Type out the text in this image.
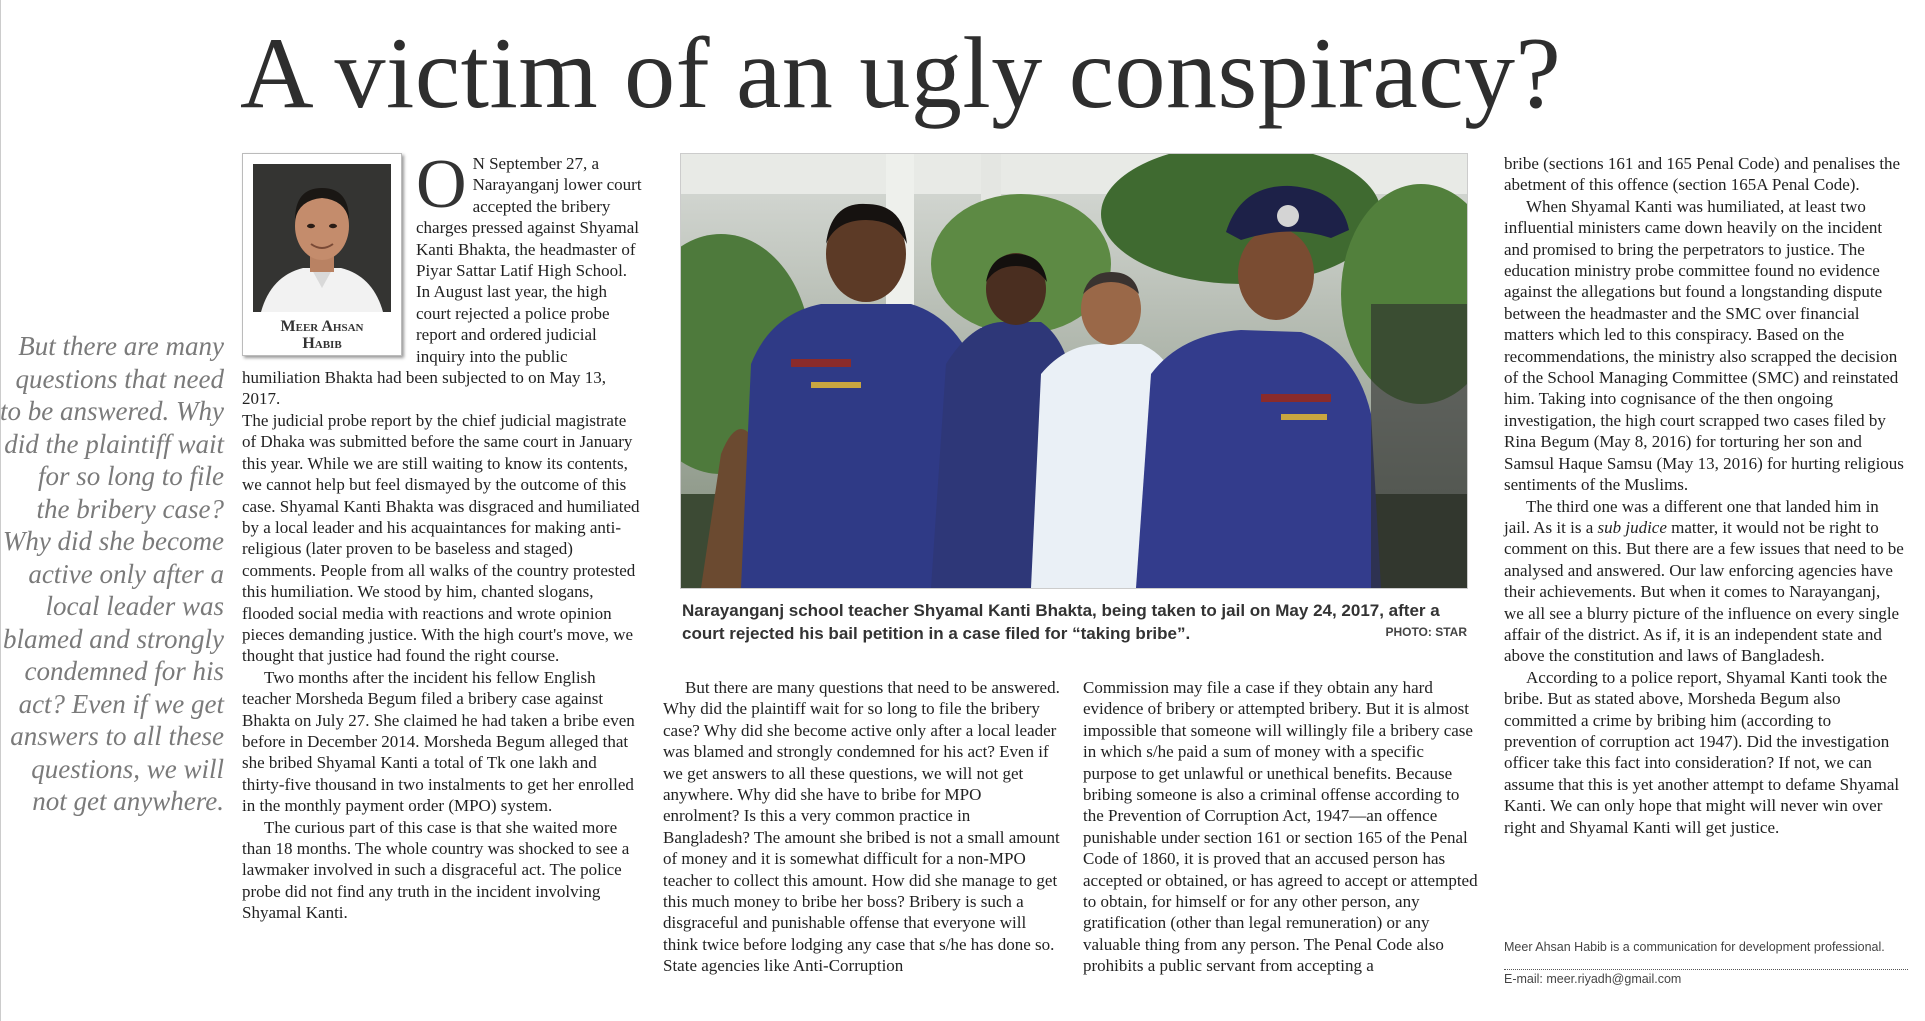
A victim of an ugly conspiracy?

But there are many questions that need to be answered. Why did the plaintiff wait for so long to file the bribery case? Why did she become active only after a local leader was blamed and strongly condemned for his act? Even if we get answers to all these questions, we will not get anywhere.

Meer Ahsan
Habib
O N September 27, a Narayanganj lower court accepted the bribery charges pressed against Shyamal Kanti Bhakta, the headmaster of Piyar Sattar Latif High School. In August last year, the high court rejected a police probe report and ordered judicial inquiry into the public humiliation Bhakta had been subjected to on May 13, 2017.

The judicial probe report by the chief judicial magistrate of Dhaka was submitted before the same court in January this year. While we are still waiting to know its contents, we cannot help but feel dismayed by the outcome of this case. Shyamal Kanti Bhakta was disgraced and humiliated by a local leader and his acquaintances for making anti-religious (later proven to be baseless and staged) comments. People from all walks of the country protested this humiliation. We stood by him, chanted slogans, flooded social media with reactions and wrote opinion pieces demanding justice. With the high court's move, we thought that justice had found the right course.

Two months after the incident his fellow English teacher Morsheda Begum filed a bribery case against Bhakta on July 27. She claimed he had taken a bribe even before in December 2014. Morsheda Begum alleged that she bribed Shyamal Kanti a total of Tk one lakh and thirty-five thousand in two instalments to get her enrolled in the monthly payment order (MPO) system.

The curious part of this case is that she waited more than 18 months. The whole country was shocked to see a lawmaker involved in such a disgraceful act. The police probe did not find any truth in the incident involving Shyamal Kanti.

Narayanganj school teacher Shyamal Kanti Bhakta, being taken to jail on May 24, 2017, after a court rejected his bail petition in a case filed for “taking bribe”.	PHOTO: STAR

But there are many questions that need to be answered. Why did the plaintiff wait for so long to file the bribery case? Why did she become active only after a local leader was blamed and strongly condemned for his act? Even if we get answers to all these questions, we will not get anywhere. Why did she have to bribe for MPO enrolment? Is this a very common practice in Bangladesh? The amount she bribed is not a small amount of money and it is somewhat difficult for a non-MPO teacher to collect this amount. How did she manage to get this much money to bribe her boss? Bribery is such a disgraceful and punishable offense that everyone will think twice before lodging any case that s/he has done so. State agencies like Anti-Corruption

Commission may file a case if they obtain any hard evidence of bribery or attempted bribery. But it is almost impossible that someone will willingly file a bribery case in which s/he paid a sum of money with a specific purpose to get unlawful or unethical benefits. Because bribing someone is also a criminal offense according to the Prevention of Corruption Act, 1947—an offence punishable under section 161 or section 165 of the Penal Code of 1860, it is proved that an accused person has accepted or obtained, or has agreed to accept or attempted to obtain, for himself or for any other person, any gratification (other than legal remuneration) or any valuable thing from any person. The Penal Code also prohibits a public servant from accepting a

bribe (sections 161 and 165 Penal Code) and penalises the abetment of this offence (section 165A Penal Code).

When Shyamal Kanti was humiliated, at least two influential ministers came down heavily on the incident and promised to bring the perpetrators to justice. The education ministry probe committee found no evidence against the allegations but found a longstanding dispute between the headmaster and the SMC over financial matters which led to this conspiracy. Based on the recommendations, the ministry also scrapped the decision of the School Managing Committee (SMC) and reinstated him. Taking into cognisance of the then ongoing investigation, the high court scrapped two cases filed by Rina Begum (May 8, 2016) for torturing her son and Samsul Haque Samsu (May 13, 2016) for hurting religious sentiments of the Muslims.

The third one was a different one that landed him in jail. As it is a sub judice matter, it would not be right to comment on this. But there are a few issues that need to be analysed and answered. Our law enforcing agencies have their achievements. But when it comes to Narayanganj, we all see a blurry picture of the influence on every single affair of the district. As if, it is an independent state and above the constitution and laws of Bangladesh.

According to a police report, Shyamal Kanti took the bribe. But as stated above, Morsheda Begum also committed a crime by bribing him (according to prevention of corruption act 1947). Did the investigation officer take this fact into consideration? If not, we can assume that this is yet another attempt to defame Shyamal Kanti. We can only hope that might will never win over right and Shyamal Kanti will get justice.

Meer Ahsan Habib is a communication for development professional.

E-mail: meer.riyadh@gmail.com
